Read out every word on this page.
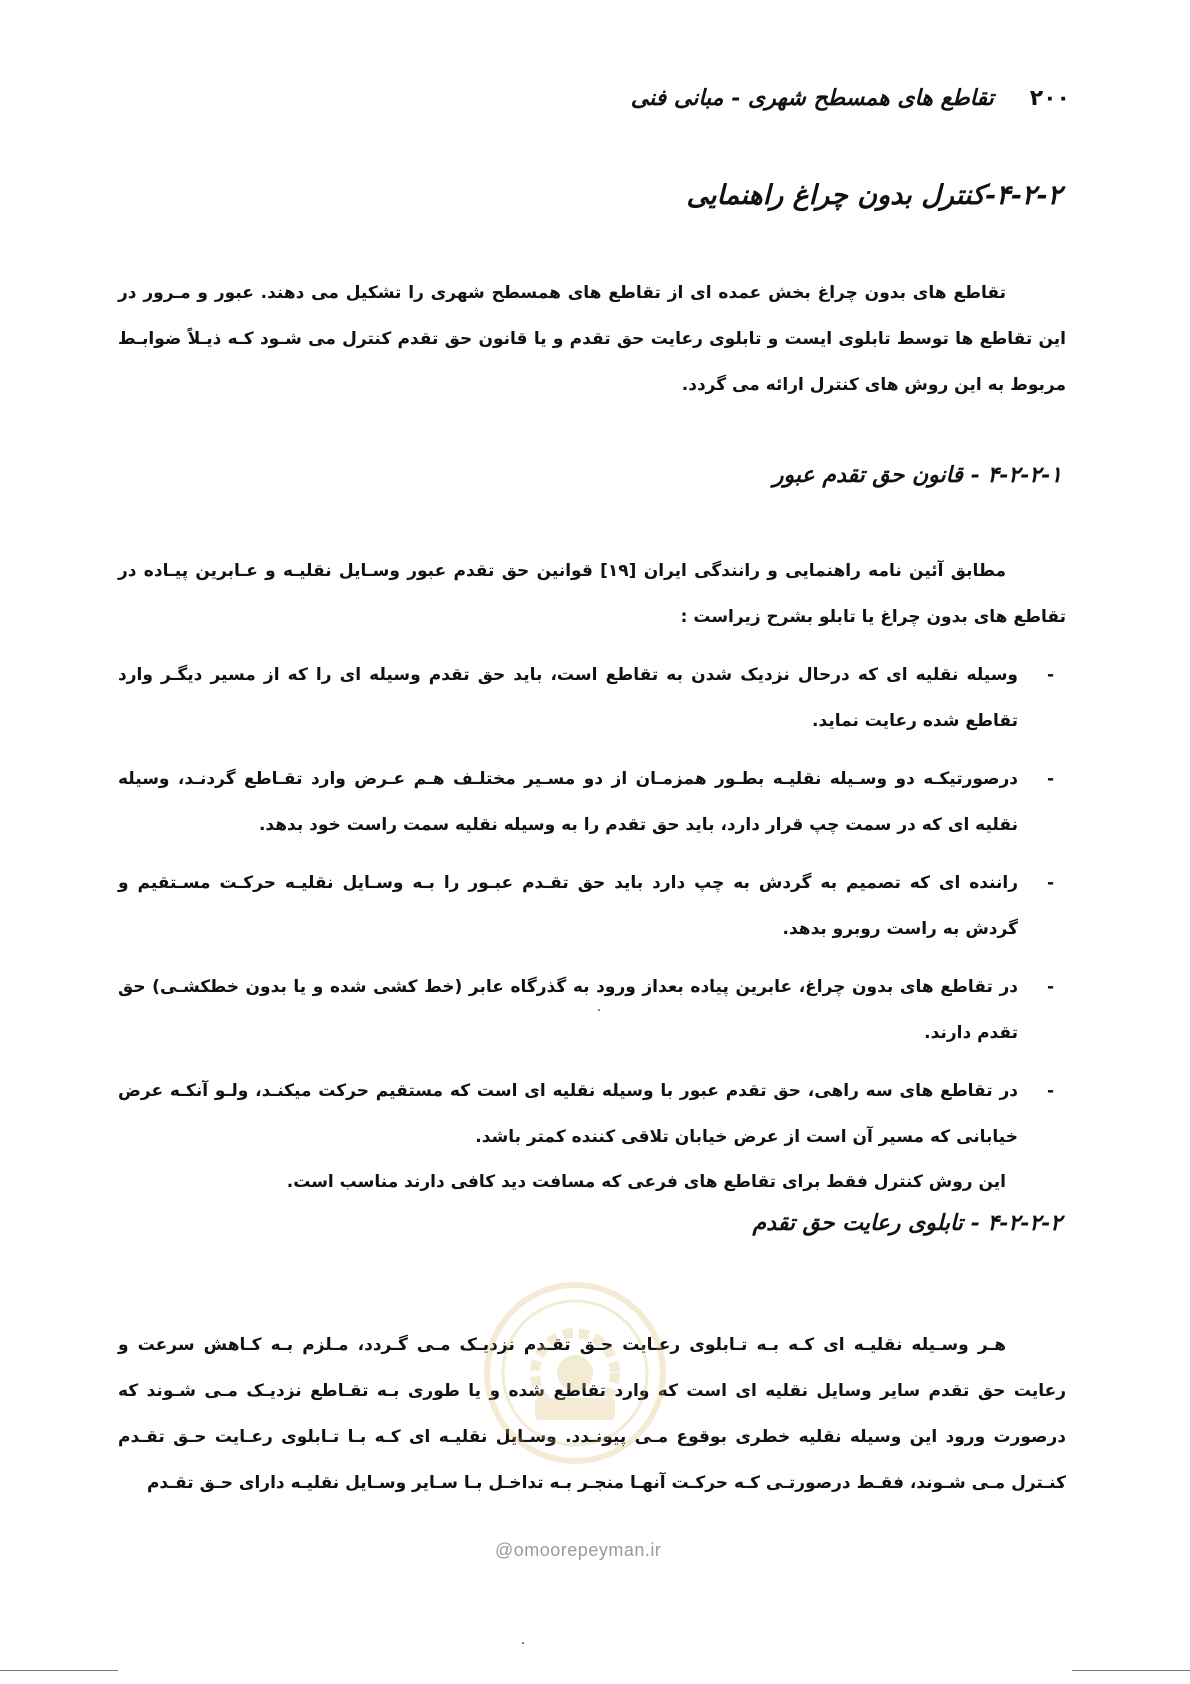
۲۰۰
تقاطع های همسطح شهری - مبانی فنی
۴-۲-۲-کنترل بدون چراغ راهنمایی

تقاطع های بدون چراغ بخش عمده ای از تقاطع های همسطح شهری را تشکیل می دهند. عبور و مـرور در این تقاطع ها توسط تابلوی ایست و تابلوی رعایت حق تقدم و یا قانون حق تقدم کنترل می شـود کـه ذیـلاً ضوابـط مربوط به این روش های کنترل ارائه می گردد.

۴-۲-۲-۱ - قانون حق تقدم عبور

مطابق آئین نامه راهنمایی و رانندگی ایران [۱۹] قوانین حق تقدم عبور وسـایل نقلیـه و عـابرین پیـاده در تقاطع های بدون چراغ یا تابلو بشرح زیراست :

-
وسیله نقلیه ای که درحال نزدیک شدن به تقاطع است، باید حق تقدم وسیله ای را که از مسیر دیگـر وارد تقاطع شده رعایت نماید.
-
درصورتیکـه دو وسـیله نقلیـه بطـور همزمـان از دو مسـیر مختلـف هـم عـرض وارد تقـاطع گردنـد، وسیله نقلیه ای که در سمت چپ قرار دارد، باید حق تقدم را به وسیله نقلیه سمت راست خود بدهد.
-
راننده ای که تصمیم به گردش به چپ دارد باید حق تقـدم عبـور را بـه وسـایل نقلیـه حرکـت مسـتقیم و گردش به راست روبرو بدهد.
-
در تقاطع های بدون چراغ، عابرین پیاده بعداز ورود به گذرگاه عابر (خط کشی شده و یا بدون خطکشـی) حق تقدم دارند.
-
در تقاطع های سه راهی، حق تقدم عبور با وسیله نقلیه ای است که مستقیم حرکت میکنـد، ولـو آنکـه عرض خیابانی که مسیر آن است از عرض خیابان تلاقی کننده کمتر باشد.

این روش کنترل فقط برای تقاطع های فرعی که مسافت دید کافی دارند مناسب است.

۴-۲-۲-۲ - تابلوی رعایت حق تقدم

هـر وسـیله نقلیـه ای کـه بـه تـابلوی رعـایت حـق تقـدم نزدیـک مـی گـردد، مـلزم بـه کـاهش سرعت و رعایت حق تقدم سایر وسایل نقلیه ای است که وارد تقاطع شده و یا طوری بـه تقـاطع نزدیـک مـی شـوند که درصورت ورود این وسیله نقلیه خطری بوقوع مـی پیونـدد. وسـایل نقلیـه ای کـه بـا تـابلوی رعـایت حـق تقـدم کنـترل مـی شـوند، فقـط درصورتـی کـه حرکـت آنهـا منجـر بـه تداخـل بـا سـایر وسـایل نقلیـه دارای حـق تقـدم

@omoorepeyman.ir
